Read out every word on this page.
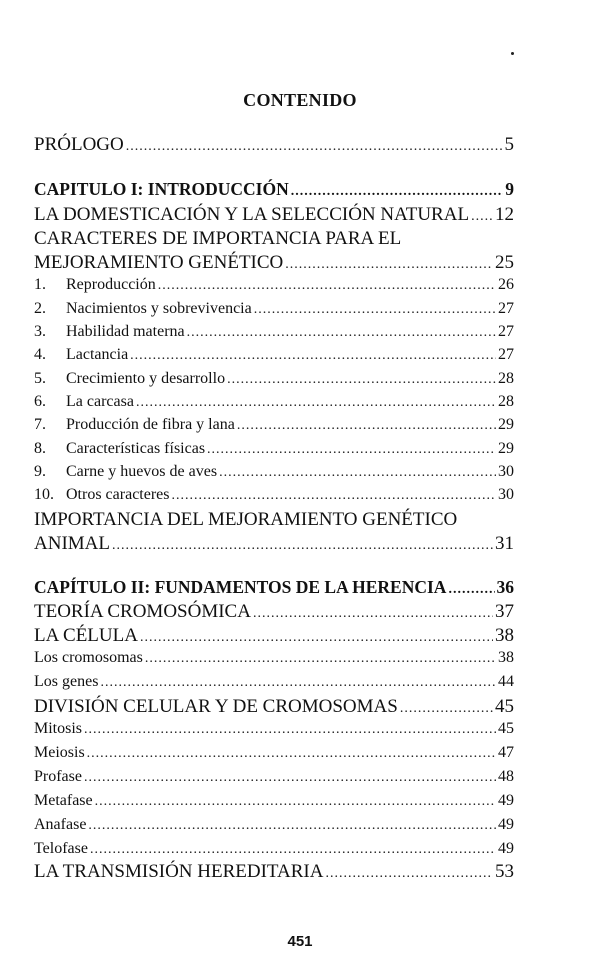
CONTENIDO
PRÓLOGO .....	5
CAPITULO I: INTRODUCCIÓN .....	9
LA DOMESTICACIÓN Y LA SELECCIÓN NATURAL ..... 12
CARACTERES DE IMPORTANCIA PARA EL
MEJORAMIENTO GENÉTICO .....	25
1. Reproducción .....	26
2. Nacimientos y sobrevivencia .....	27
3. Habilidad materna .....	27
4. Lactancia .....	27
5. Crecimiento y desarrollo .....	28
6. La carcasa .....	28
7. Producción de fibra y lana .....	29
8. Características físicas .....	29
9. Carne y huevos de aves .....	30
10. Otros caracteres .....	30
IMPORTANCIA DEL MEJORAMIENTO GENÉTICO
ANIMAL .....	31
CAPÍTULO II: FUNDAMENTOS DE LA HERENCIA .....	36
TEORÍA CROMOSÓMICA .....	37
LA CÉLULA .....	38
Los cromosomas .....	38
Los genes .....	44
DIVISIÓN CELULAR Y DE CROMOSOMAS .....	45
Mitosis .....	45
Meiosis .....	47
Profase .....	48
Metafase .....	49
Anafase .....	49
Telofase .....	49
LA TRANSMISIÓN HEREDITARIA .....	53
451
